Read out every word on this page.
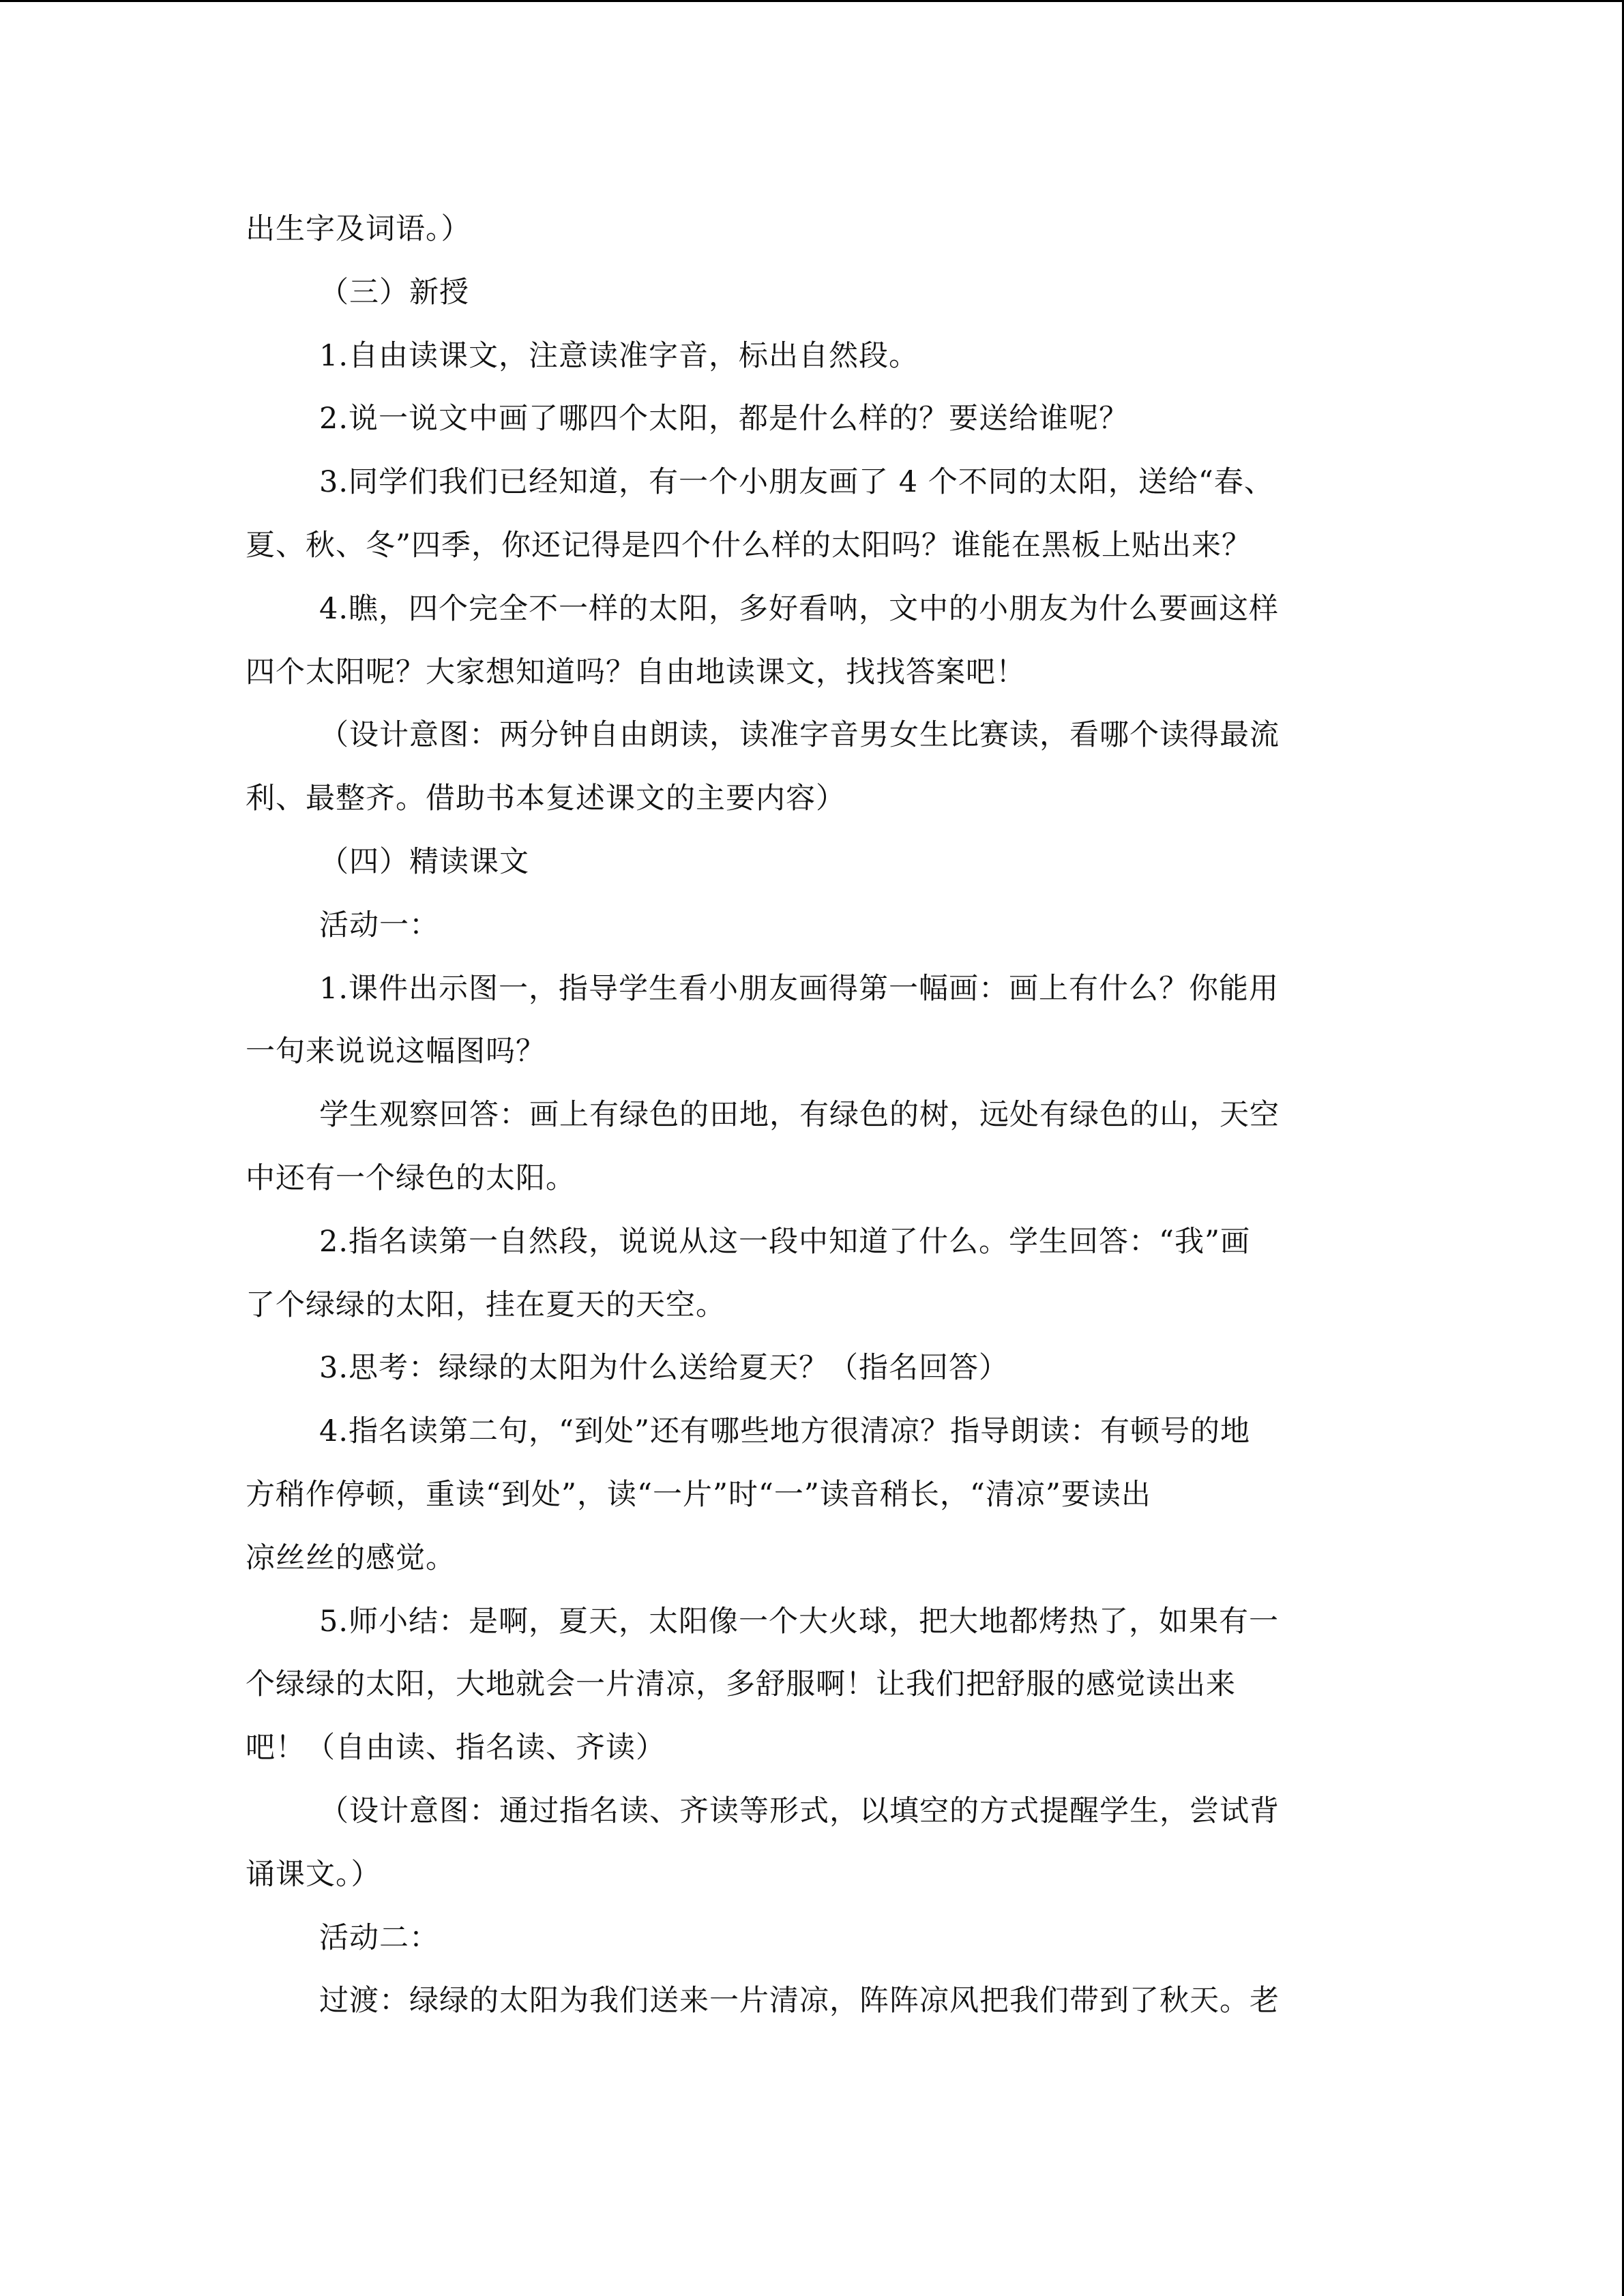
出生字及词语。）
（三）新授
1.自由读课文，注意读准字音，标出自然段。
2.说一说文中画了哪四个太阳，都是什么样的？要送给谁呢？
3.同学们我们已经知道，有一个小朋友画了 4 个不同的太阳，送给“春、
夏、秋、冬”四季，你还记得是四个什么样的太阳吗？谁能在黑板上贴出来？
4.瞧，四个完全不一样的太阳，多好看呐，文中的小朋友为什么要画这样
四个太阳呢？大家想知道吗？自由地读课文，找找答案吧！
（设计意图：两分钟自由朗读，读准字音男女生比赛读，看哪个读得最流
利、最整齐。借助书本复述课文的主要内容）
（四）精读课文
活动一：
1.课件出示图一，指导学生看小朋友画得第一幅画：画上有什么？你能用
一句来说说这幅图吗？
学生观察回答：画上有绿色的田地，有绿色的树，远处有绿色的山，天空
中还有一个绿色的太阳。
2.指名读第一自然段，说说从这一段中知道了什么。学生回答：“我”画
了个绿绿的太阳，挂在夏天的天空。
3.思考：绿绿的太阳为什么送给夏天？（指名回答）
4.指名读第二句，“到处”还有哪些地方很清凉？指导朗读：有顿号的地
方稍作停顿，重读“到处”，读“一片”时“一”读音稍长，“清凉”要读出
凉丝丝的感觉。
5.师小结：是啊，夏天，太阳像一个大火球，把大地都烤热了，如果有一
个绿绿的太阳，大地就会一片清凉，多舒服啊！让我们把舒服的感觉读出来
吧！（自由读、指名读、齐读）
（设计意图：通过指名读、齐读等形式，以填空的方式提醒学生，尝试背
诵课文。）
活动二：
过渡：绿绿的太阳为我们送来一片清凉，阵阵凉风把我们带到了秋天。老
